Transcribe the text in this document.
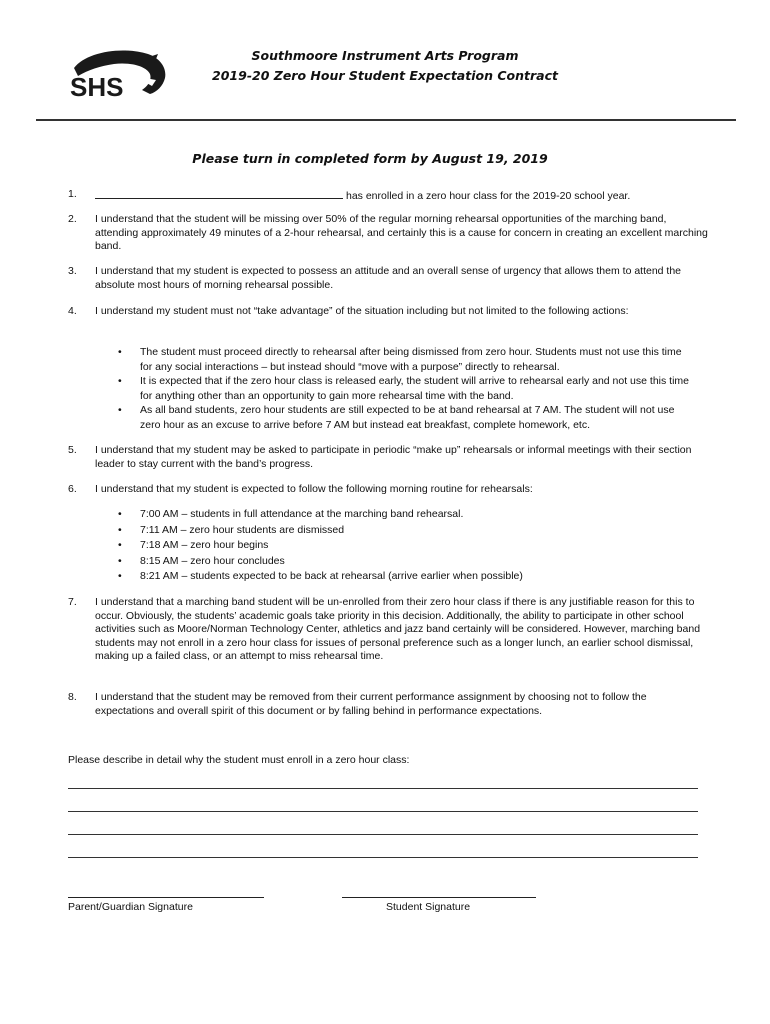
SHS
Southmoore Instrument Arts Program
2019-20 Zero Hour Student Expectation Contract
Please turn in completed form by August 19, 2019
1.	has enrolled in a zero hour class for the 2019-20 school year.
2. I understand that the student will be missing over 50% of the regular morning rehearsal opportunities of the marching band, attending approximately 49 minutes of a 2-hour rehearsal, and certainly this is a cause for concern in creating an excellent marching band.
3. I understand that my student is expected to possess an attitude and an overall sense of urgency that allows them to attend the absolute most hours of morning rehearsal possible.
4. I understand my student must not “take advantage” of the situation including but not limited to the following actions:
• The student must proceed directly to rehearsal after being dismissed from zero hour. Students must not use this time for any social interactions – but instead should “move with a purpose” directly to rehearsal.
• It is expected that if the zero hour class is released early, the student will arrive to rehearsal early and not use this time for anything other than an opportunity to gain more rehearsal time with the band.
• As all band students, zero hour students are still expected to be at band rehearsal at 7 AM. The student will not use zero hour as an excuse to arrive before 7 AM but instead eat breakfast, complete homework, etc.
5. I understand that my student may be asked to participate in periodic “make up” rehearsals or informal meetings with their section leader to stay current with the band’s progress.
6. I understand that my student is expected to follow the following morning routine for rehearsals:
• 7:00 AM – students in full attendance at the marching band rehearsal.
• 7:11 AM – zero hour students are dismissed
• 7:18 AM – zero hour begins
• 8:15 AM – zero hour concludes
• 8:21 AM – students expected to be back at rehearsal (arrive earlier when possible)
7. I understand that a marching band student will be un-enrolled from their zero hour class if there is any justifiable reason for this to occur. Obviously, the students’ academic goals take priority in this decision. Additionally, the ability to participate in other school activities such as Moore/Norman Technology Center, athletics and jazz band certainly will be considered. However, marching band students may not enroll in a zero hour class for issues of personal preference such as a longer lunch, an earlier school dismissal, making up a failed class, or an attempt to miss rehearsal time.
8. I understand that the student may be removed from their current performance assignment by choosing not to follow the expectations and overall spirit of this document or by falling behind in performance expectations.
Please describe in detail why the student must enroll in a zero hour class:
Parent/Guardian Signature	Student Signature
